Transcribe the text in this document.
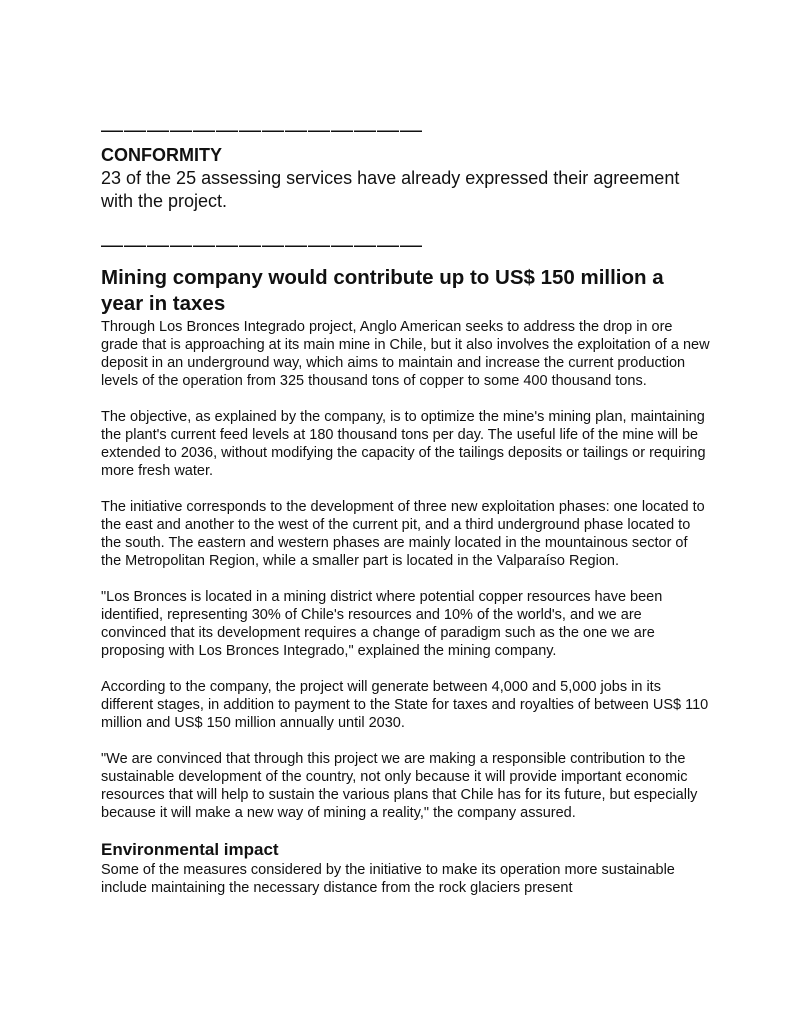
——————————————

CONFORMITY

23 of the 25 assessing services have already expressed their agreement with the project.

——————————————

Mining company would contribute up to US$ 150 million a year in taxes

Through Los Bronces Integrado project, Anglo American seeks to address the drop in ore grade that is approaching at its main mine in Chile, but it also involves the exploitation of a new deposit in an underground way, which aims to maintain and increase the current production levels of the operation from 325 thousand tons of copper to some 400 thousand tons.

The objective, as explained by the company, is to optimize the mine's mining plan, maintaining the plant's current feed levels at 180 thousand tons per day. The useful life of the mine will be extended to 2036, without modifying the capacity of the tailings deposits or tailings or requiring more fresh water.

The initiative corresponds to the development of three new exploitation phases: one located to the east and another to the west of the current pit, and a third underground phase located to the south. The eastern and western phases are mainly located in the mountainous sector of the Metropolitan Region, while a smaller part is located in the Valparaíso Region.

"Los Bronces is located in a mining district where potential copper resources have been identified, representing 30% of Chile's resources and 10% of the world's, and we are convinced that its development requires a change of paradigm such as the one we are proposing with Los Bronces Integrado," explained the mining company.

According to the company, the project will generate between 4,000 and 5,000 jobs in its different stages, in addition to payment to the State for taxes and royalties of between US$ 110 million and US$ 150 million annually until 2030.

"We are convinced that through this project we are making a responsible contribution to the sustainable development of the country, not only because it will provide important economic resources that will help to sustain the various plans that Chile has for its future, but especially because it will make a new way of mining a reality," the company assured.

Environmental impact

Some of the measures considered by the initiative to make its operation more sustainable include maintaining the necessary distance from the rock glaciers present
